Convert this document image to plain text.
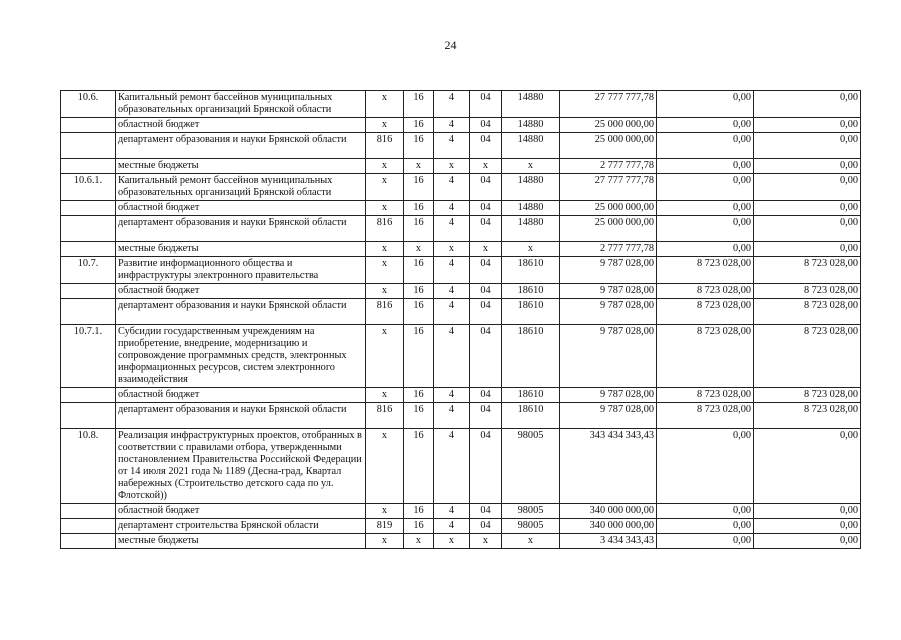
24
10.6.	Капитальный ремонт бассейнов муниципальных образовательных организаций Брянской области	х	16	4	04	14880	27 777 777,78	0,00	0,00
	областной бюджет	х	16	4	04	14880	25 000 000,00	0,00	0,00
	департамент образования и науки Брянской области	816	16	4	04	14880	25 000 000,00	0,00	0,00
	местные бюджеты	х	х	х	х	х	2 777 777,78	0,00	0,00
10.6.1.	Капитальный ремонт бассейнов муниципальных образовательных организаций Брянской области	х	16	4	04	14880	27 777 777,78	0,00	0,00
	областной бюджет	х	16	4	04	14880	25 000 000,00	0,00	0,00
	департамент образования и науки Брянской области	816	16	4	04	14880	25 000 000,00	0,00	0,00
	местные бюджеты	х	х	х	х	х	2 777 777,78	0,00	0,00
10.7.	Развитие информационного общества и инфраструктуры электронного правительства	х	16	4	04	18610	9 787 028,00	8 723 028,00	8 723 028,00
	областной бюджет	х	16	4	04	18610	9 787 028,00	8 723 028,00	8 723 028,00
	департамент образования и науки Брянской области	816	16	4	04	18610	9 787 028,00	8 723 028,00	8 723 028,00
10.7.1.	Субсидии государственным учреждениям на приобретение, внедрение, модернизацию и сопровождение программных средств, электронных информационных ресурсов, систем электронного взаимодействия	х	16	4	04	18610	9 787 028,00	8 723 028,00	8 723 028,00
	областной бюджет	х	16	4	04	18610	9 787 028,00	8 723 028,00	8 723 028,00
	департамент образования и науки Брянской области	816	16	4	04	18610	9 787 028,00	8 723 028,00	8 723 028,00
10.8.	Реализация инфраструктурных проектов, отобранных в соответствии с правилами отбора, утвержденными постановлением Правительства Российской Федерации от 14 июля 2021 года № 1189 (Десна-град, Квартал набережных (Строительство детского сада по ул. Флотской))	х	16	4	04	98005	343 434 343,43	0,00	0,00
	областной бюджет	х	16	4	04	98005	340 000 000,00	0,00	0,00
	департамент строительства Брянской области	819	16	4	04	98005	340 000 000,00	0,00	0,00
	местные бюджеты	х	х	х	х	х	3 434 343,43	0,00	0,00
